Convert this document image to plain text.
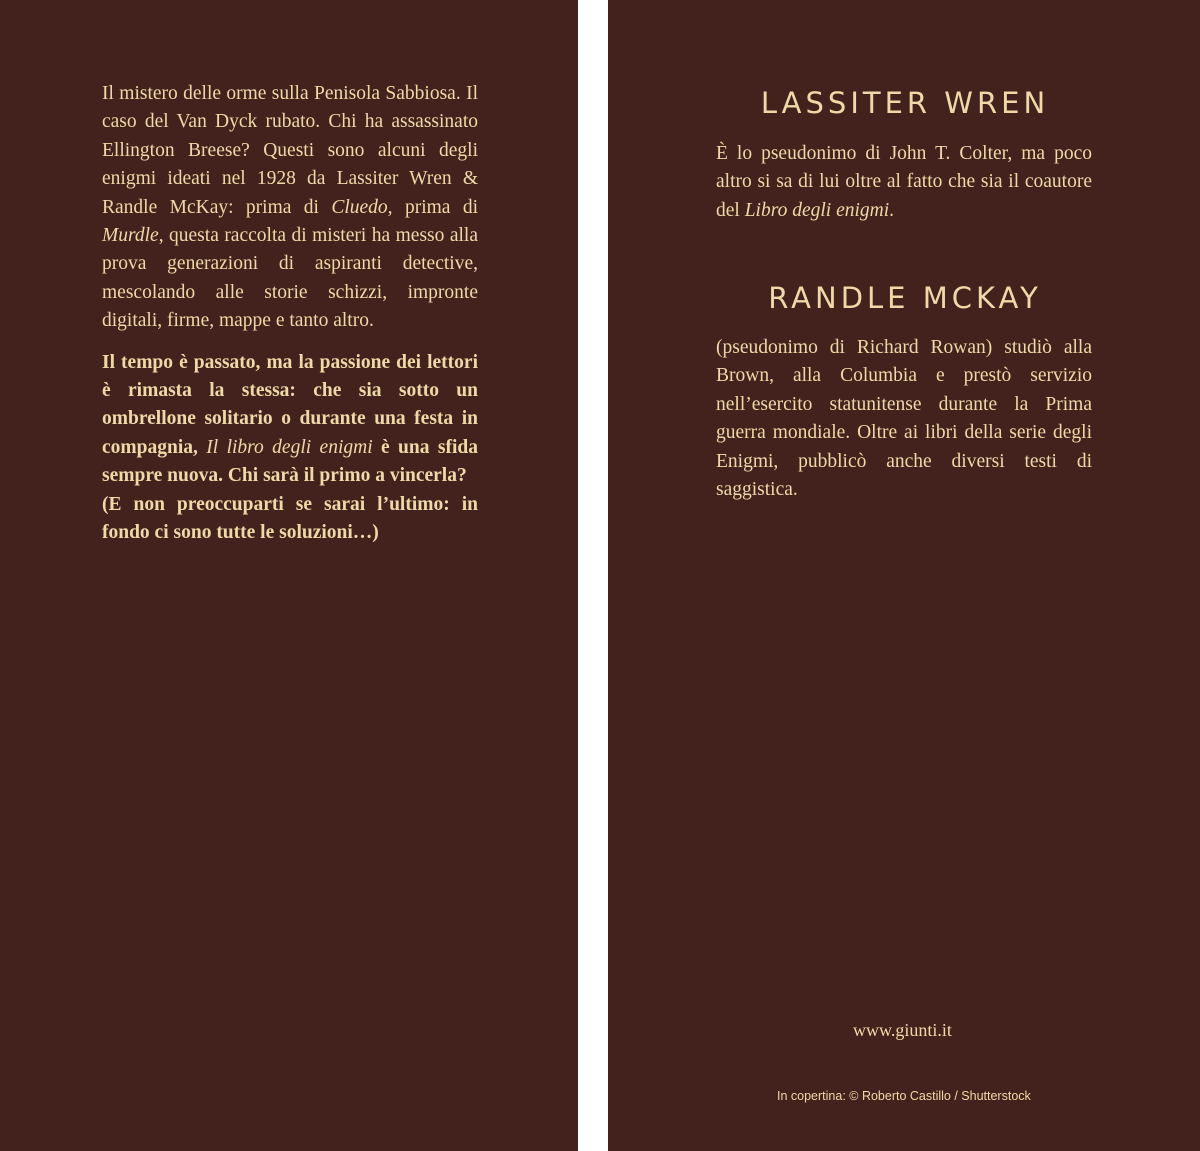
Il mistero delle orme sulla Penisola Sabbiosa. Il caso del Van Dyck rubato. Chi ha assassinato Ellington Breese? Questi sono alcuni degli enigmi ideati nel 1928 da Lassiter Wren & Randle McKay: prima di Cluedo, prima di Murdle, questa raccolta di misteri ha messo alla prova generazioni di aspiranti detective, mescolando alle storie schizzi, impronte digitali, firme, mappe e tanto altro.

Il tempo è passato, ma la passione dei lettori è rimasta la stessa: che sia sotto un ombrellone solitario o durante una festa in compagnia, Il libro degli enigmi è una sfida sempre nuova. Chi sarà il primo a vincerla?

(E non preoccuparti se sarai l’ultimo: in fondo ci sono tutte le soluzioni…)

LASSITER WREN

È lo pseudonimo di John T. Colter, ma poco altro si sa di lui oltre al fatto che sia il coautore del Libro degli enigmi.

RANDLE MCKAY

(pseudonimo di Richard Rowan) studiò alla Brown, alla Columbia e prestò servizio nell’esercito statunitense durante la Prima guerra mondiale. Oltre ai libri della serie degli Enigmi, pubblicò anche diversi testi di saggistica.

www.giunti.it

In copertina: © Roberto Castillo / Shutterstock
